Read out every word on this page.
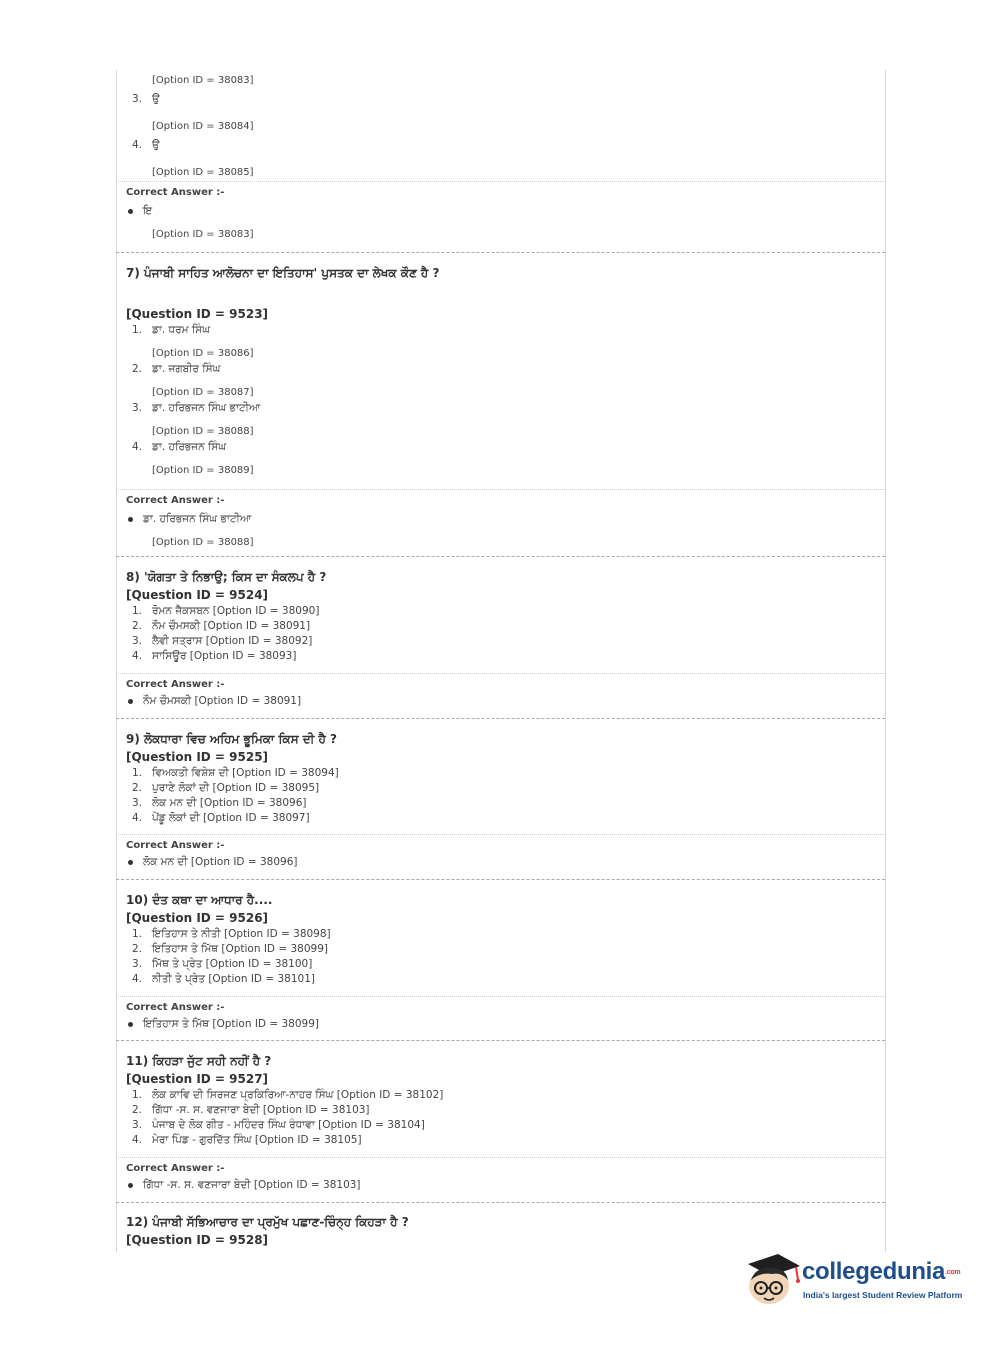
[Option ID = 38083]
3. ਉ
[Option ID = 38084]
4. ਉ
[Option ID = 38085]
Correct Answer :-
ਇ
[Option ID = 38083]
7) ਪੰਜਾਬੀ ਸਾਹਿਤ ਆਲੋਚਨਾ ਦਾ ਇਤਿਹਾਸ' ਪੁਸਤਕ ਦਾ ਲੇਖਕ ਕੌਣ ਹੈ ?
[Question ID = 9523]
1. ਡਾ. ਧਰਮ ਸਿੰਘ
[Option ID = 38086]
2. ਡਾ. ਜਗਬੀਰ ਸਿੰਘ
[Option ID = 38087]
3. ਡਾ. ਹਰਿਭਜਨ ਸਿੰਘ ਭਾਟੀਆ
[Option ID = 38088]
4. ਡਾ. ਹਰਿਭਜਨ ਸਿੰਘ
[Option ID = 38089]
Correct Answer :-
ਡਾ. ਹਰਿਭਜਨ ਸਿੰਘ ਭਾਟੀਆ
[Option ID = 38088]
8) 'ਯੋਗਤਾ ਤੇ ਨਿਭਾਉ; ਕਿਸ ਦਾ ਸੰਕਲਪ ਹੈ ?
[Question ID = 9524]
1. ਰੋਮਨ ਜੈਕਸਬਨ [Option ID = 38090]
2. ਨੌਮ ਚੌਮਸਕੀ [Option ID = 38091]
3. ਲੈਵੀ ਸਤ੍ਰਾਸ [Option ID = 38092]
4. ਸਾਸਿਊਰ [Option ID = 38093]
Correct Answer :-
ਨੌਮ ਚੌਮਸਕੀ [Option ID = 38091]
9) ਲੋਕਧਾਰਾ ਵਿਚ ਅਹਿਮ ਭੂਮਿਕਾ ਕਿਸ ਦੀ ਹੈ ?
[Question ID = 9525]
1. ਵਿਅਕਤੀ ਵਿਸ਼ੇਸ਼ ਦੀ [Option ID = 38094]
2. ਪੁਰਾਣੇ ਲੋਕਾਂ ਦੀ [Option ID = 38095]
3. ਲੋਕ ਮਨ ਦੀ [Option ID = 38096]
4. ਪੇਂਡੂ ਲੋਕਾਂ ਦੀ [Option ID = 38097]
Correct Answer :-
ਲੋਕ ਮਨ ਦੀ [Option ID = 38096]
10) ਦੰਤ ਕਥਾ ਦਾ ਆਧਾਰ ਹੈ....
[Question ID = 9526]
1. ਇਤਿਹਾਸ ਤੇ ਨੀਤੀ [Option ID = 38098]
2. ਇਤਿਹਾਸ ਤੇ ਮਿੱਥ [Option ID = 38099]
3. ਮਿੱਥ ਤੇ ਪ੍ਰੇਤ [Option ID = 38100]
4. ਨੀਤੀ ਤੇ ਪ੍ਰੇਤ [Option ID = 38101]
Correct Answer :-
ਇਤਿਹਾਸ ਤੇ ਮਿੱਥ [Option ID = 38099]
11) ਕਿਹੜਾ ਜੁੱਟ ਸਹੀ ਨਹੀਂ ਹੈ ?
[Question ID = 9527]
1. ਲੋਕ ਕਾਵਿ ਦੀ ਸਿਰਜਣ ਪ੍ਰਕਿਰਿਆ-ਨਾਹਰ ਸਿੰਘ [Option ID = 38102]
2. ਗਿੱਧਾ -ਸ. ਸ. ਵਣਜਾਰਾ ਬੇਦੀ [Option ID = 38103]
3. ਪੰਜਾਬ ਦੇ ਲੋਕ ਗੀਤ - ਮਹਿੰਦਰ ਸਿੰਘ ਰੰਧਾਵਾ [Option ID = 38104]
4. ਮੇਰਾ ਪਿੰਡ - ਗੁਰਦਿੱਤ ਸਿੰਘ [Option ID = 38105]
Correct Answer :-
ਗਿੱਧਾ -ਸ. ਸ. ਵਣਜਾਰਾ ਬੇਦੀ [Option ID = 38103]
12) ਪੰਜਾਬੀ ਸੱਭਿਆਚਾਰ ਦਾ ਪ੍ਰਮੁੱਖ ਪਛਾਣ-ਚਿੰਨ੍ਹ ਕਿਹੜਾ ਹੈ ?
[Question ID = 9528]
collegedunia.com
India's largest Student Review Platform
